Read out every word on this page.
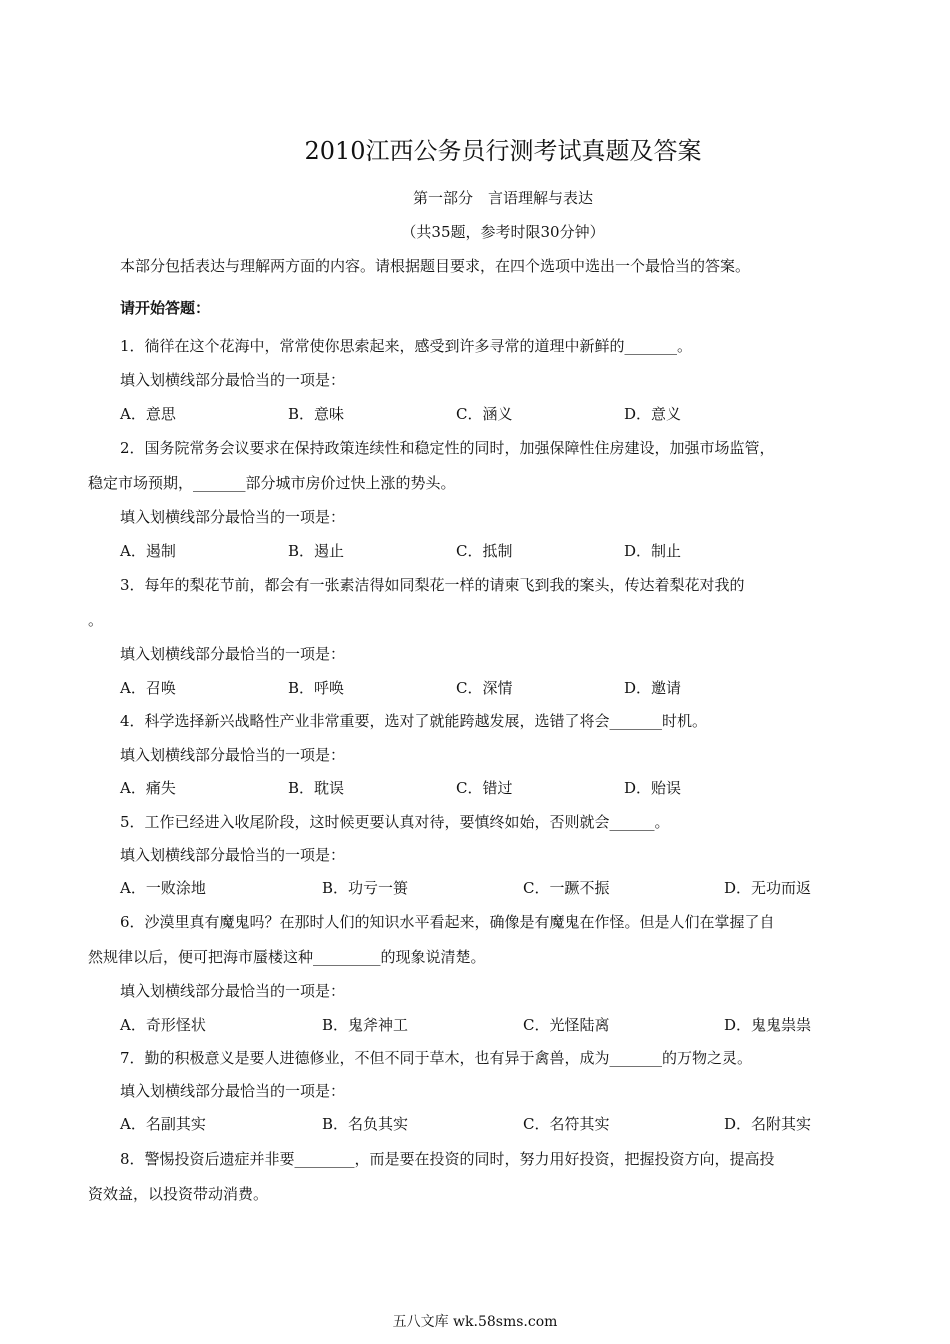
2010江西公务员行测考试真题及答案
第一部分　言语理解与表达
（共35题，参考时限30分钟）
本部分包括表达与理解两方面的内容。请根据题目要求，在四个选项中选出一个最恰当的答案。
请开始答题：
1．徜徉在这个花海中，常常使你思索起来，感受到许多寻常的道理中新鲜的_______。
填入划横线部分最恰当的一项是：
A．意思	B．意味	C．涵义	D．意义
2．国务院常务会议要求在保持政策连续性和稳定性的同时，加强保障性住房建设，加强市场监管，
稳定市场预期，_______部分城市房价过快上涨的势头。
填入划横线部分最恰当的一项是：
A．遏制	B．遏止	C．抵制	D．制止
3．每年的梨花节前，都会有一张素洁得如同梨花一样的请柬飞到我的案头，传达着梨花对我的
。
填入划横线部分最恰当的一项是：
A．召唤	B．呼唤	C．深情	D．邀请
4．科学选择新兴战略性产业非常重要，选对了就能跨越发展，选错了将会_______时机。
填入划横线部分最恰当的一项是：
A．痛失	B．耽误	C．错过	D．贻误
5．工作已经进入收尾阶段，这时候更要认真对待，要慎终如始，否则就会______。
填入划横线部分最恰当的一项是：
A．一败涂地	B．功亏一篑	C．一蹶不振	D．无功而返
6．沙漠里真有魔鬼吗？在那时人们的知识水平看起来，确像是有魔鬼在作怪。但是人们在掌握了自
然规律以后，便可把海市蜃楼这种_________的现象说清楚。
填入划横线部分最恰当的一项是：
A．奇形怪状	B．鬼斧神工	C．光怪陆离	D．鬼鬼祟祟
7．勤的积极意义是要人进德修业，不但不同于草木，也有异于禽兽，成为_______的万物之灵。
填入划横线部分最恰当的一项是：
A．名副其实	B．名负其实	C．名符其实	D．名附其实
8．警惕投资后遗症并非要________，而是要在投资的同时，努力用好投资，把握投资方向，提高投
资效益，以投资带动消费。
五八文库 wk.58sms.com
